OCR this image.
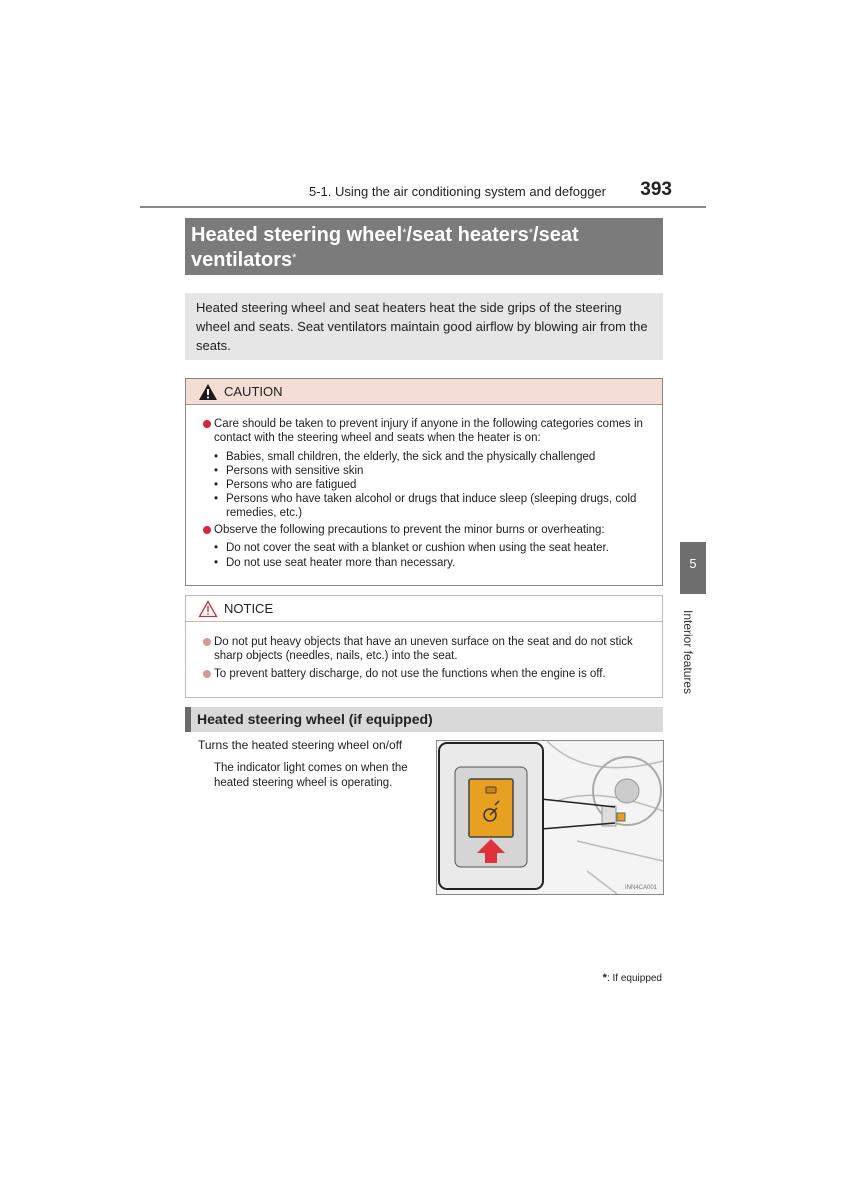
5-1. Using the air conditioning system and defogger	393
Heated steering wheel*/seat heaters*/seat
ventilators*
Heated steering wheel and seat heaters heat the side grips of the steering wheel and seats. Seat ventilators maintain good airflow by blowing air from the seats.
CAUTION
Care should be taken to prevent injury if anyone in the following categories comes in
contact with the steering wheel and seats when the heater is on:
• Babies, small children, the elderly, the sick and the physically challenged
• Persons with sensitive skin
• Persons who are fatigued
• Persons who have taken alcohol or drugs that induce sleep (sleeping drugs, cold
remedies, etc.)
Observe the following precautions to prevent the minor burns or overheating:
• Do not cover the seat with a blanket or cushion when using the seat heater.
• Do not use seat heater more than necessary.
NOTICE
Do not put heavy objects that have an uneven surface on the seat and do not stick
sharp objects (needles, nails, etc.) into the seat.
To prevent battery discharge, do not use the functions when the engine is off.
Heated steering wheel (if equipped)
Turns the heated steering wheel on/off
The indicator light comes on when the heated steering wheel is operating.
INN4CA001
5
Interior features
*: If equipped
